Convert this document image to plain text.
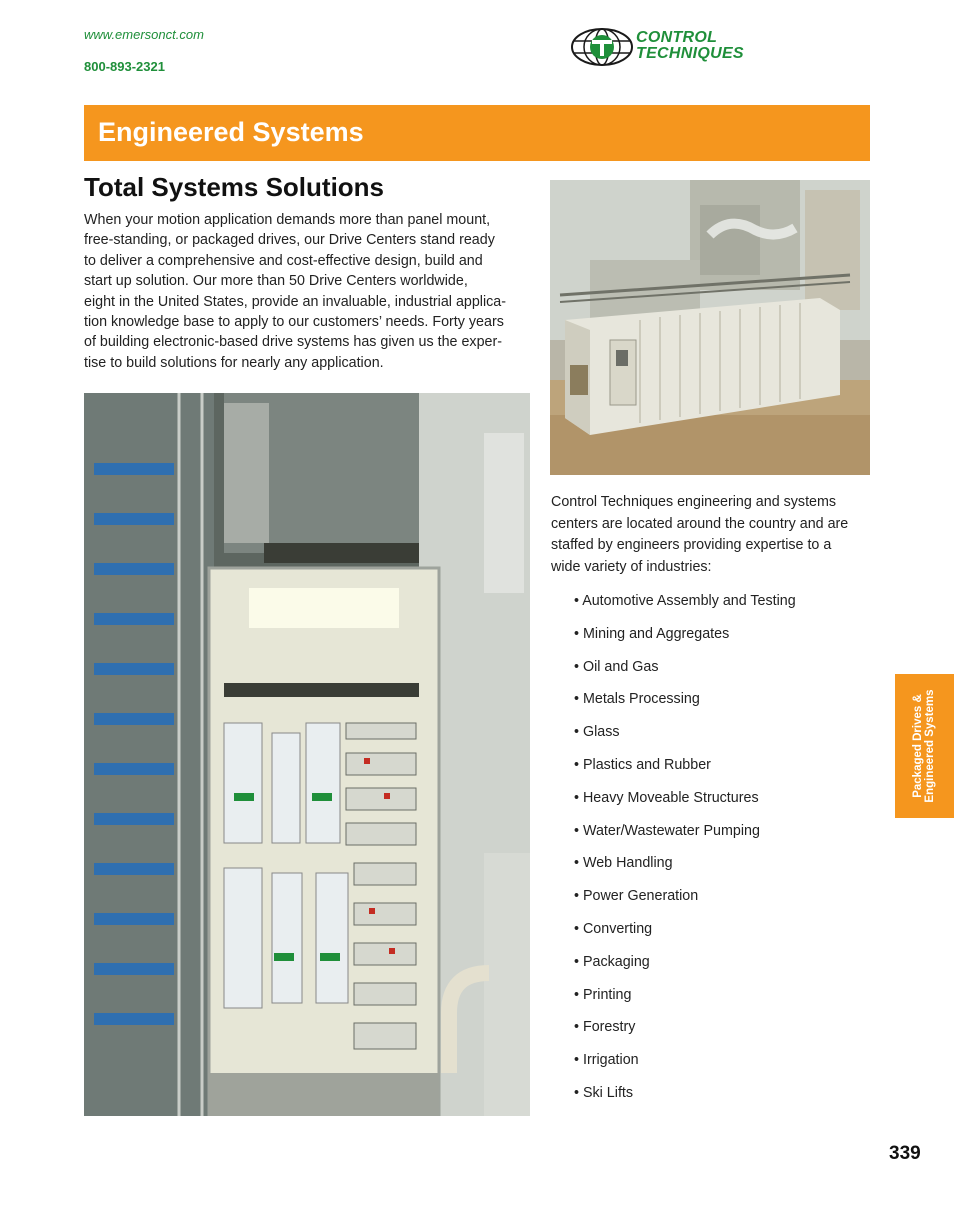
www.emersonct.com
800-893-2321
CONTROL
TECHNIQUES
Engineered Systems
Total Systems Solutions
When your motion application demands more than panel mount,
free-standing, or packaged drives, our Drive Centers stand ready
to deliver a comprehensive and cost-effective design, build and
start up solution. Our more than 50 Drive Centers worldwide,
eight in the United States, provide an invaluable, industrial applica-
tion knowledge base to apply to our customers’ needs. Forty years
of building electronic-based drive systems has given us the exper-
tise to build solutions for nearly any application.
Control Techniques engineering and systems
centers are located around the country and are
staffed by engineers providing expertise to a
wide variety of industries:
• Automotive Assembly and Testing
• Mining and Aggregates
• Oil and Gas
• Metals Processing
• Glass
• Plastics and Rubber
• Heavy Moveable Structures
• Water/Wastewater Pumping
• Web Handling
• Power Generation
• Converting
• Packaging
• Printing
• Forestry
• Irrigation
• Ski Lifts
Packaged Drives & Engineered Systems
339
